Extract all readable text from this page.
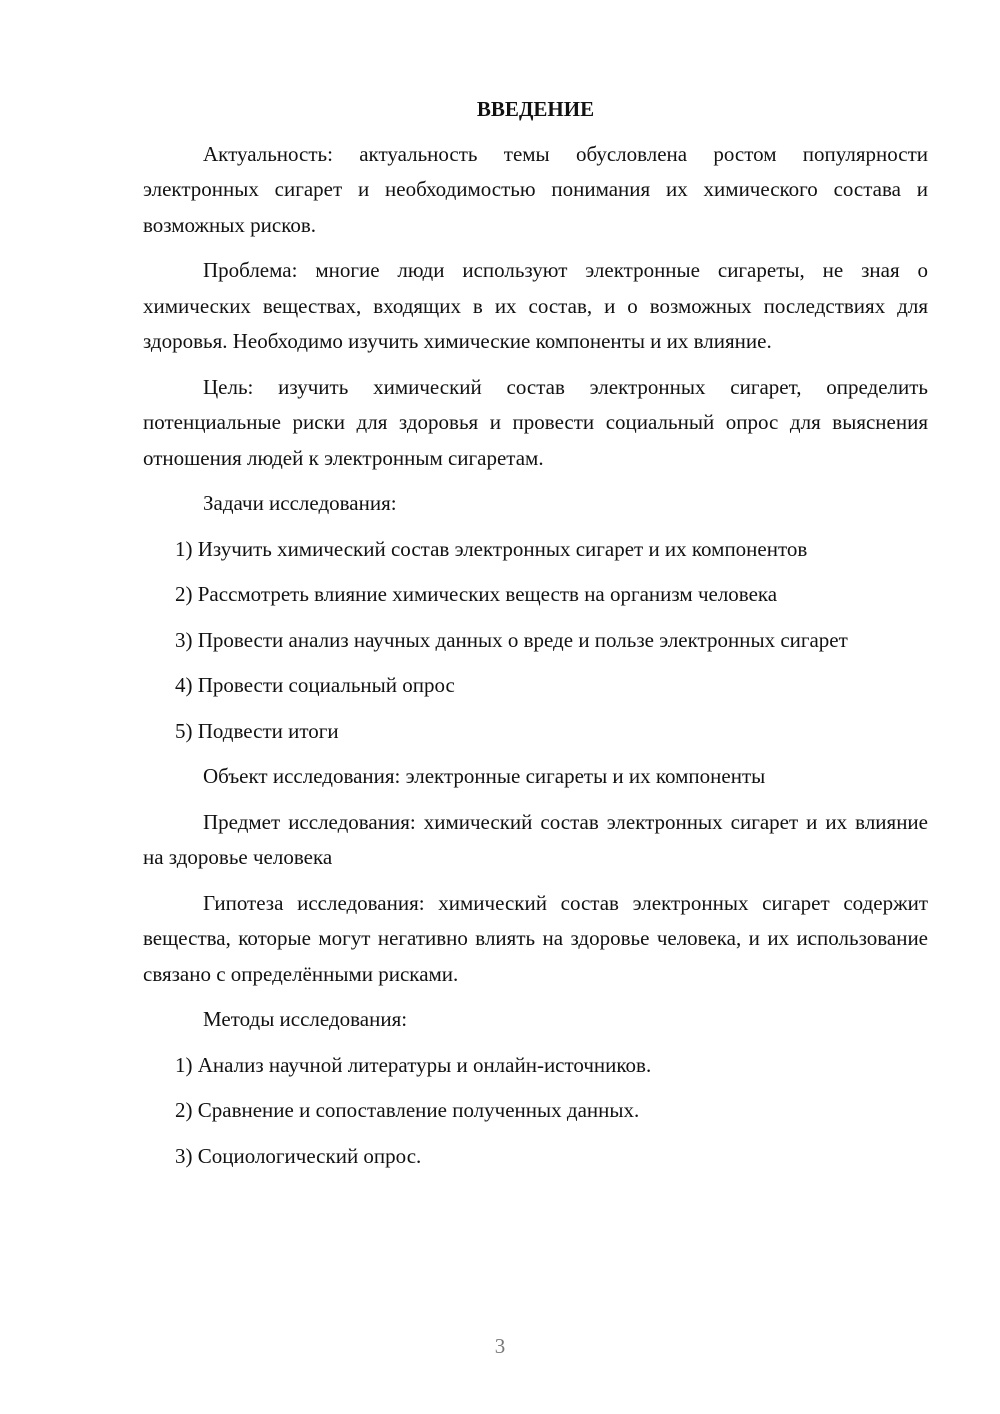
ВВЕДЕНИЕ

Актуальность: актуальность темы обусловлена ростом популярности электронных сигарет и необходимостью понимания их химического состава и возможных рисков.

Проблема: многие люди используют электронные сигареты, не зная о химических веществах, входящих в их состав, и о возможных последствиях для здоровья. Необходимо изучить химические компоненты и их влияние.

Цель: изучить химический состав электронных сигарет, определить потенциальные риски для здоровья и провести социальный опрос для выяснения отношения людей к электронным сигаретам.

Задачи исследования:

1) Изучить химический состав электронных сигарет и их компонентов

2) Рассмотреть влияние химических веществ на организм человека

3) Провести анализ научных данных о вреде и пользе электронных сигарет

4) Провести социальный опрос

5) Подвести итоги

Объект исследования: электронные сигареты и их компоненты

Предмет исследования: химический состав электронных сигарет и их влияние на здоровье человека

Гипотеза исследования: химический состав электронных сигарет содержит вещества, которые могут негативно влиять на здоровье человека, и их использование связано с определёнными рисками.

Методы исследования:

1) Анализ научной литературы и онлайн-источников.

2) Сравнение и сопоставление полученных данных.

3) Социологический опрос.

3
